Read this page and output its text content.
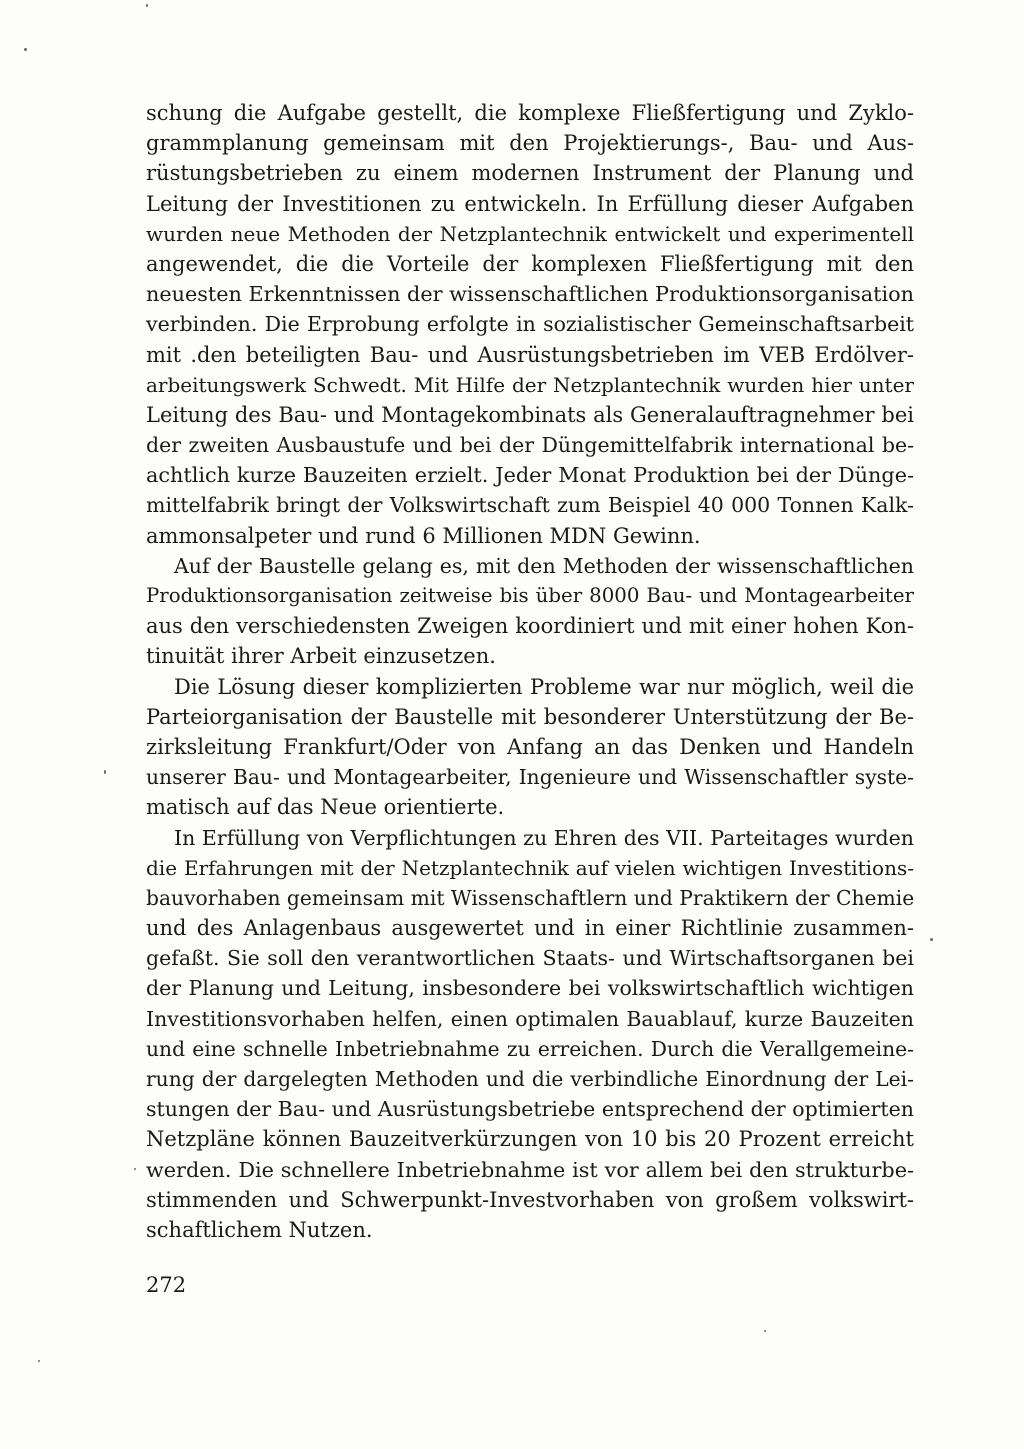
schung die Aufgabe gestellt, die komplexe Fließfertigung und Zyklo-
grammplanung gemeinsam mit den Projektierungs-, Bau- und Aus-
rüstungsbetrieben zu einem modernen Instrument der Planung und
Leitung der Investitionen zu entwickeln. In Erfüllung dieser Aufgaben
wurden neue Methoden der Netzplantechnik entwickelt und experimentell
angewendet, die die Vorteile der komplexen Fließfertigung mit den
neuesten Erkenntnissen der wissenschaftlichen Produktionsorganisation
verbinden. Die Erprobung erfolgte in sozialistischer Gemeinschaftsarbeit
mit .den beteiligten Bau- und Ausrüstungsbetrieben im VEB Erdölver-
arbeitungswerk Schwedt. Mit Hilfe der Netzplantechnik wurden hier unter
Leitung des Bau- und Montagekombinats als Generalauftragnehmer bei
der zweiten Ausbaustufe und bei der Düngemittelfabrik international be-
achtlich kurze Bauzeiten erzielt. Jeder Monat Produktion bei der Dünge-
mittelfabrik bringt der Volkswirtschaft zum Beispiel 40 000 Tonnen Kalk-
ammonsalpeter und rund 6 Millionen MDN Gewinn.
Auf der Baustelle gelang es, mit den Methoden der wissenschaftlichen
Produktionsorganisation zeitweise bis über 8000 Bau- und Montagearbeiter
aus den verschiedensten Zweigen koordiniert und mit einer hohen Kon-
tinuität ihrer Arbeit einzusetzen.
Die Lösung dieser komplizierten Probleme war nur möglich, weil die
Parteiorganisation der Baustelle mit besonderer Unterstützung der Be-
zirksleitung Frankfurt/Oder von Anfang an das Denken und Handeln
unserer Bau- und Montagearbeiter, Ingenieure und Wissenschaftler syste-
matisch auf das Neue orientierte.
In Erfüllung von Verpflichtungen zu Ehren des VII. Parteitages wurden
die Erfahrungen mit der Netzplantechnik auf vielen wichtigen Investitions-
bauvorhaben gemeinsam mit Wissenschaftlern und Praktikern der Chemie
und des Anlagenbaus ausgewertet und in einer Richtlinie zusammen-
gefaßt. Sie soll den verantwortlichen Staats- und Wirtschaftsorganen bei
der Planung und Leitung, insbesondere bei volkswirtschaftlich wichtigen
Investitionsvorhaben helfen, einen optimalen Bauablauf, kurze Bauzeiten
und eine schnelle Inbetriebnahme zu erreichen. Durch die Verallgemeine-
rung der dargelegten Methoden und die verbindliche Einordnung der Lei-
stungen der Bau- und Ausrüstungsbetriebe entsprechend der optimierten
Netzpläne können Bauzeitverkürzungen von 10 bis 20 Prozent erreicht
werden. Die schnellere Inbetriebnahme ist vor allem bei den strukturbe-
stimmenden und Schwerpunkt-Investvorhaben von großem volkswirt-
schaftlichem Nutzen.
272
